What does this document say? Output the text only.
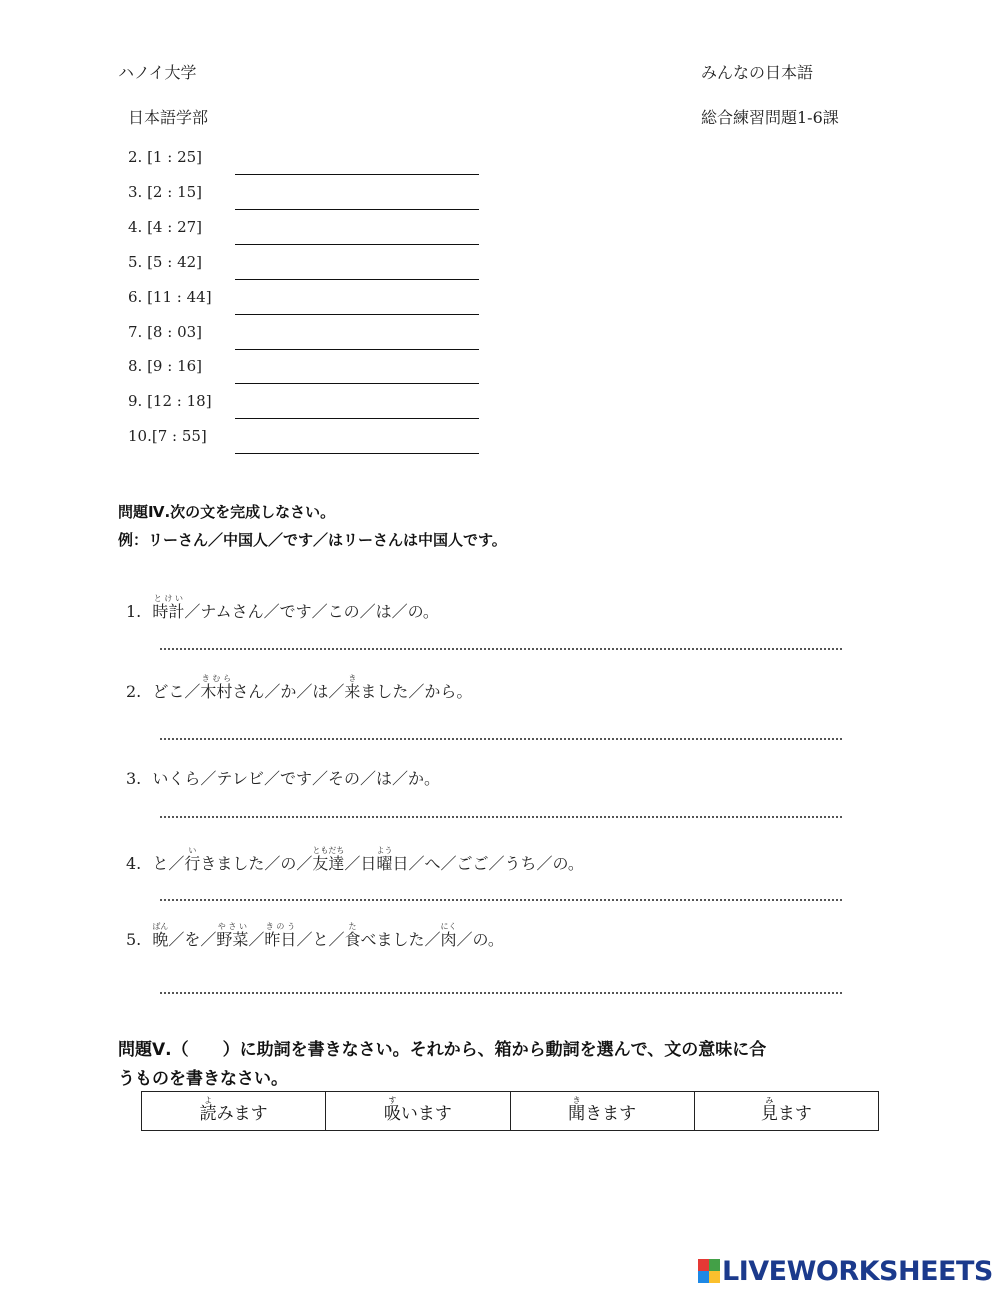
ハノイ大学
日本語学部
みんなの日本語
総合練習問題1-6課
2. [1 : 25]
3. [2 : 15]
4. [4 : 27]
5. [5 : 42]
6. [11 : 44]
7. [8 : 03]
8. [9 : 16]
9. [12 : 18]
10.[7 : 55]
問題Ⅳ.次の文を完成しなさい。
例：リーさん／中国人／です／はリーさんは中国人です。
1. 時計とけい／ナムさん／です／この／は／の。
2. どこ／木村きむらさん／か／は／来きました／から。
3. いくら／テレビ／です／その／は／か。
4. と／行いきました／の／友達ともだち／日曜よう日／へ／ごご／うち／の。
5. 晩ばん／を／野菜やさい／昨日きのう／と／食たべました／肉にく／の。
問題Ⅴ.（　　）に助詞を書きなさい。それから、箱から動詞を選んで、文の意味に合
うものを書きなさい。
読よみます	吸すいます	聞ききます	見みます
LIVEWORKSHEETS
